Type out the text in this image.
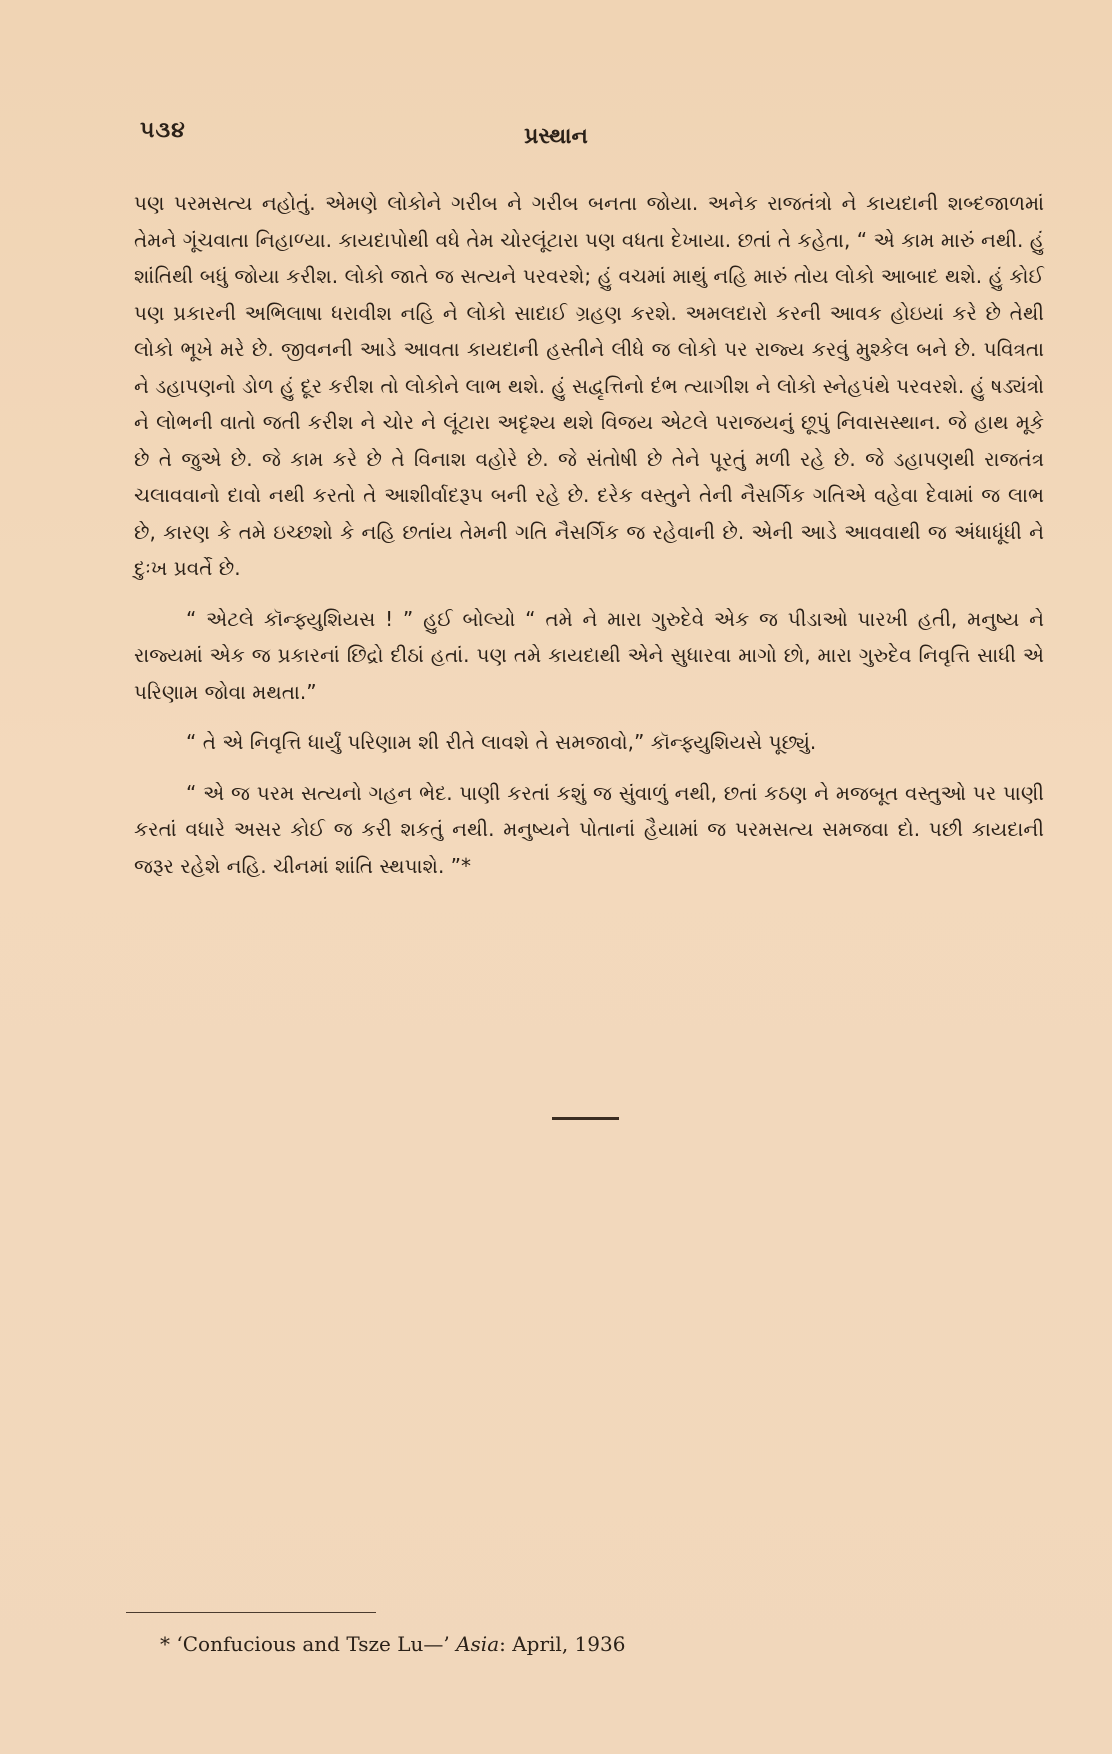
૫૩૪	પ્રસ્થાન

પણ પરમસત્ય નહોતું. એમણે લોકોને ગરીબ ને ગરીબ બનતા જોયા. અનેક રાજતંત્રો ને કાયદાની શબ્દજાળમાં તેમને ગૂંચવાતા નિહાળ્યા. કાયદાપોથી વધે તેમ ચોરલૂંટારા પણ વધતા દેખાયા. છતાં તે કહેતા, “ એ કામ મારું નથી. હું શાંતિથી બધું જોયા કરીશ. લોકો જાતે જ સત્યને પરવરશે; હું વચમાં માથું નહિ મારું તોય લોકો આબાદ થશે. હું કોઈ પણ પ્રકારની અભિલાષા ધરાવીશ નહિ ને લોકો સાદાઈ ગ્રહણ કરશે. અમલદારો કરની આવક હોઇયાં કરે છે તેથી લોકો ભૂખે મરે છે. જીવનની આડે આવતા કાયદાની હસ્તીને લીધે જ લોકો પર રાજ્ય કરવું મુશ્કેલ બને છે. પવિત્રતા ને ડહાપણનો ડોળ હું દૂર કરીશ તો લોકોને લાભ થશે. હું સદ્વૃત્તિનો દંભ ત્યાગીશ ને લોકો સ્નેહપંથે પરવરશે. હું ષડ્યંત્રો ને લોભની વાતો જતી કરીશ ને ચોર ને લૂંટારા અદૃશ્ય થશે વિજય એટલે પરાજયનું છૂપું નિવાસસ્થાન. જે હાથ મૂકે છે તે જુએ છે. જે કામ કરે છે તે વિનાશ વહોરે છે. જે સંતોષી છે તેને પૂરતું મળી રહે છે. જે ડહાપણથી રાજતંત્ર ચલાવવાનો દાવો નથી કરતો તે આશીર્વાદરૂપ બની રહે છે. દરેક વસ્તુને તેની નૈસર્ગિક ગતિએ વહેવા દેવામાં જ લાભ છે, કારણ કે તમે ઇચ્છશો કે નહિ છતાંય તેમની ગતિ નૈસર્ગિક જ રહેવાની છે. એની આડે આવવાથી જ અંધાધૂંધી ને દુઃખ પ્રવર્તે છે.

“ એટલે કૉન્ફ્યુશિયસ ! ” હુઈ બોલ્યો “ તમે ને મારા ગુરુદેવે એક જ પીડાઓ પારખી હતી, મનુષ્ય ને રાજ્યમાં એક જ પ્રકારનાં છિદ્રો દીઠાં હતાં. પણ તમે કાયદાથી એને સુધારવા માગો છો, મારા ગુરુદેવ નિવૃત્તિ સાધી એ પરિણામ જોવા મથતા.”

“ તે એ નિવૃત્તિ ધાર્યું પરિણામ શી રીતે લાવશે તે સમજાવો,” કૉન્ફ્યુશિયસે પૂછ્યું.

“ એ જ પરમ સત્યનો ગહન ભેદ. પાણી કરતાં કશું જ સુંવાળું નથી, છતાં કઠણ ને મજબૂત વસ્તુઓ પર પાણી કરતાં વધારે અસર કોઈ જ કરી શકતું નથી. મનુષ્યને પોતાનાં હૈયામાં જ પરમસત્ય સમજવા દો. પછી કાયદાની જરૂર રહેશે નહિ. ચીનમાં શાંતિ સ્થપાશે. ”*

* ‘Confucious and Tsze Lu—’ Asia: April, 1936
